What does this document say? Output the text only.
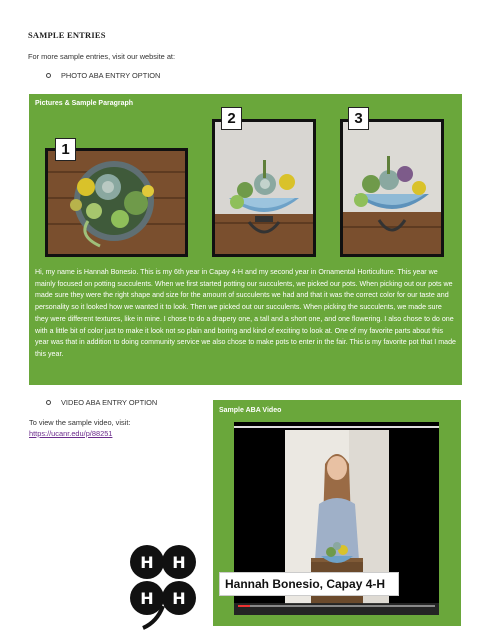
SAMPLE ENTRIES
For more sample entries, visit our website at:
PHOTO ABA ENTRY OPTION
Pictures & Sample Paragraph
1
2	3
Hi, my name is Hannah Bonesio. This is my 6th year in Capay 4-H and my second year in Ornamental Horticulture. This year we mainly focused on potting succulents. When we first started potting our succulents, we picked our pots. When picking out our pots we made sure they were the right shape and size for the amount of succulents we had and that it was the correct color for our taste and personality so it looked how we wanted it to look. Then we picked out our succulents. When picking the succulents, we made sure they were different textures, like in mine. I chose to do a drapery one, a tall and a short one, and one flowering. I also chose to do one with a little bit of color just to make it look not so plain and boring and kind of exciting to look at. One of my favorite parts about this year was that in addition to doing community service we also chose to make pots to enter in the fair. This is my favorite pot that I made this year.
VIDEO ABA ENTRY OPTION
To view the sample video, visit:
https://ucanr.edu/p/88251
Sample ABA Video
Hannah Bonesio, Capay 4-H
H H
H H
